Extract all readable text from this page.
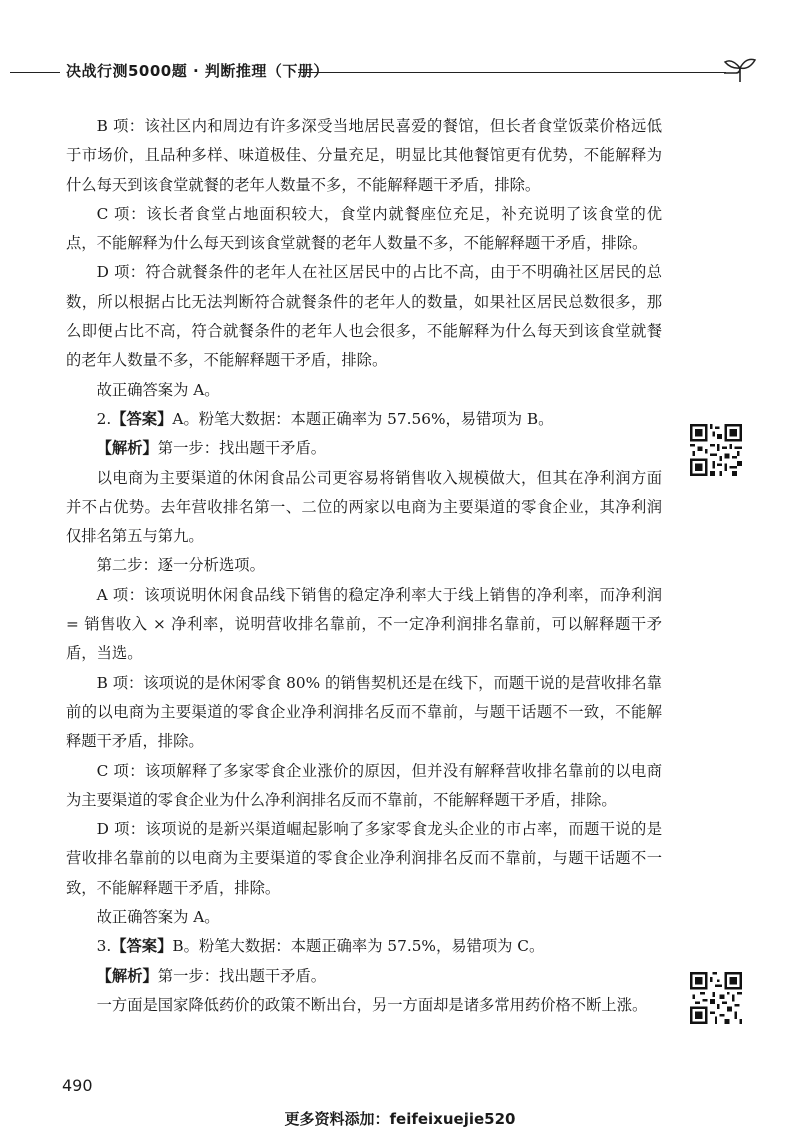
决战行测5000题 · 判断推理（下册）

B 项：该社区内和周边有许多深受当地居民喜爱的餐馆，但长者食堂饭菜价格远低于市场价，且品种多样、味道极佳、分量充足，明显比其他餐馆更有优势，不能解释为什么每天到该食堂就餐的老年人数量不多，不能解释题干矛盾，排除。

C 项：该长者食堂占地面积较大，食堂内就餐座位充足，补充说明了该食堂的优点，不能解释为什么每天到该食堂就餐的老年人数量不多，不能解释题干矛盾，排除。

D 项：符合就餐条件的老年人在社区居民中的占比不高，由于不明确社区居民的总数，所以根据占比无法判断符合就餐条件的老年人的数量，如果社区居民总数很多，那么即便占比不高，符合就餐条件的老年人也会很多，不能解释为什么每天到该食堂就餐的老年人数量不多，不能解释题干矛盾，排除。

故正确答案为 A。

2.【答案】A。粉笔大数据：本题正确率为 57.56%，易错项为 B。

【解析】第一步：找出题干矛盾。

以电商为主要渠道的休闲食品公司更容易将销售收入规模做大，但其在净利润方面并不占优势。去年营收排名第一、二位的两家以电商为主要渠道的零食企业，其净利润仅排名第五与第九。

第二步：逐一分析选项。

A 项：该项说明休闲食品线下销售的稳定净利率大于线上销售的净利率，而净利润 = 销售收入 × 净利率，说明营收排名靠前，不一定净利润排名靠前，可以解释题干矛盾，当选。

B 项：该项说的是休闲零食 80% 的销售契机还是在线下，而题干说的是营收排名靠前的以电商为主要渠道的零食企业净利润排名反而不靠前，与题干话题不一致，不能解释题干矛盾，排除。

C 项：该项解释了多家零食企业涨价的原因，但并没有解释营收排名靠前的以电商为主要渠道的零食企业为什么净利润排名反而不靠前，不能解释题干矛盾，排除。

D 项：该项说的是新兴渠道崛起影响了多家零食龙头企业的市占率，而题干说的是营收排名靠前的以电商为主要渠道的零食企业净利润排名反而不靠前，与题干话题不一致，不能解释题干矛盾，排除。

故正确答案为 A。

3.【答案】B。粉笔大数据：本题正确率为 57.5%，易错项为 C。

【解析】第一步：找出题干矛盾。

一方面是国家降低药价的政策不断出台，另一方面却是诸多常用药价格不断上涨。

490
更多资料添加：feifeixuejie520
